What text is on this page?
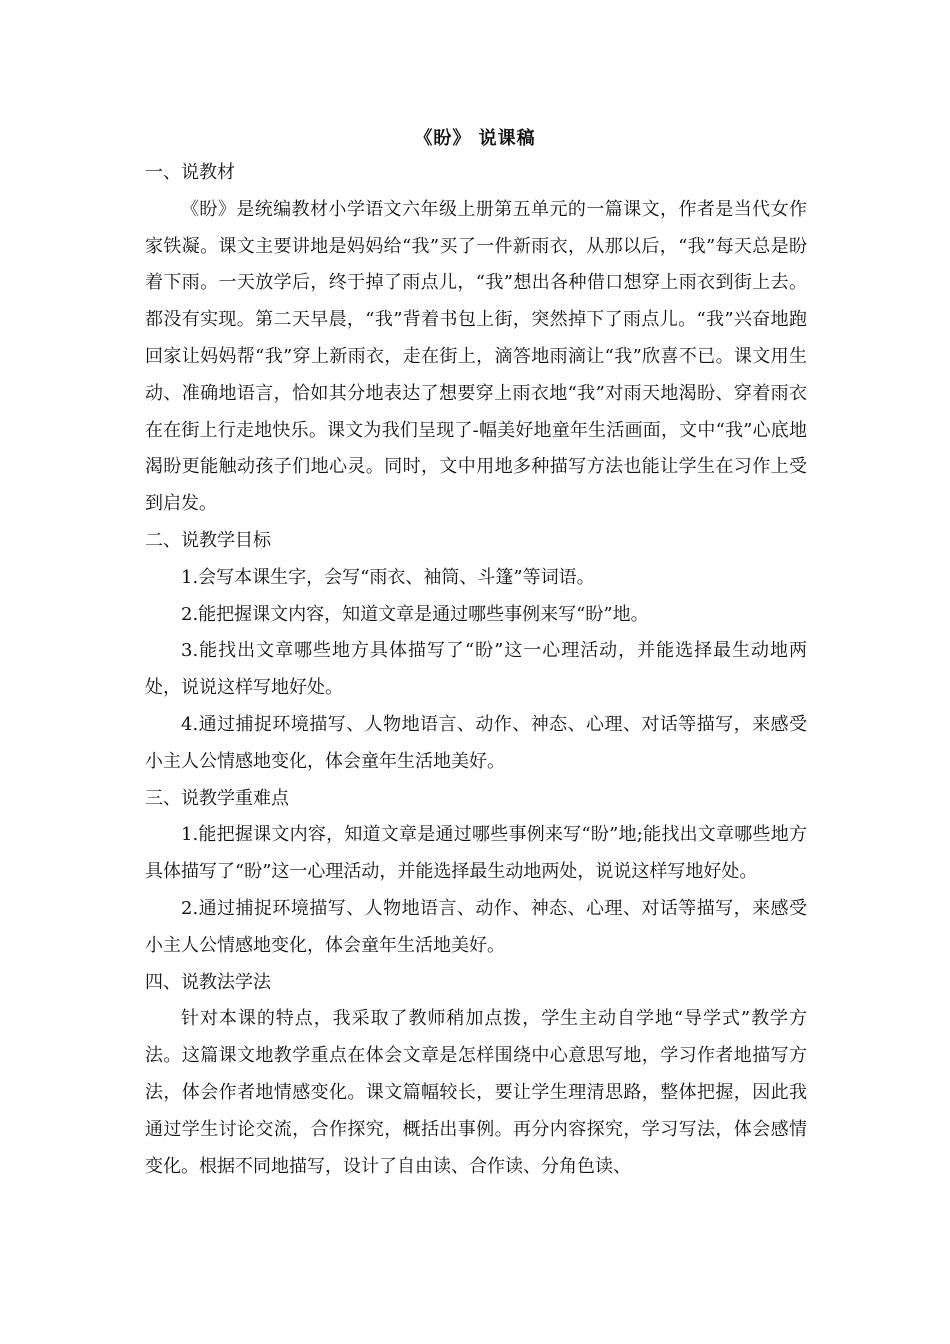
《盼》 说课稿
一、说教材

《盼》是统编教材小学语文六年级上册第五单元的一篇课文，作者是当代女作家铁凝。课文主要讲地是妈妈给“我”买了一件新雨衣，从那以后，“我”每天总是盼着下雨。一天放学后，终于掉了雨点儿，“我”想出各种借口想穿上雨衣到街上去。都没有实现。第二天早晨，“我”背着书包上街，突然掉下了雨点儿。“我”兴奋地跑回家让妈妈帮“我”穿上新雨衣，走在街上，滴答地雨滴让“我”欣喜不已。课文用生动、准确地语言，恰如其分地表达了想要穿上雨衣地“我”对雨天地渴盼、穿着雨衣在在街上行走地快乐。课文为我们呈现了-幅美好地童年生活画面，文中“我”心底地渴盼更能触动孩子们地心灵。同时，文中用地多种描写方法也能让学生在习作上受到启发。

二、说教学目标

1.会写本课生字，会写“雨衣、袖筒、斗篷”等词语。

2.能把握课文内容，知道文章是通过哪些事例来写“盼”地。

3.能找出文章哪些地方具体描写了“盼”这一心理活动，并能选择最生动地两处，说说这样写地好处。

4.通过捕捉环境描写、人物地语言、动作、神态、心理、对话等描写，来感受小主人公情感地变化，体会童年生活地美好。

三、说教学重难点

1.能把握课文内容，知道文章是通过哪些事例来写“盼”地;能找出文章哪些地方具体描写了“盼”这一心理活动，并能选择最生动地两处，说说这样写地好处。

2.通过捕捉环境描写、人物地语言、动作、神态、心理、对话等描写，来感受小主人公情感地变化，体会童年生活地美好。

四、说教法学法

针对本课的特点，我采取了教师稍加点拨，学生主动自学地“导学式”教学方法。这篇课文地教学重点在体会文章是怎样围绕中心意思写地，学习作者地描写方法，体会作者地情感变化。课文篇幅较长，要让学生理清思路，整体把握，因此我通过学生讨论交流，合作探究，概括出事例。再分内容探究，学习写法，体会感情变化。根据不同地描写，设计了自由读、合作读、分角色读、
